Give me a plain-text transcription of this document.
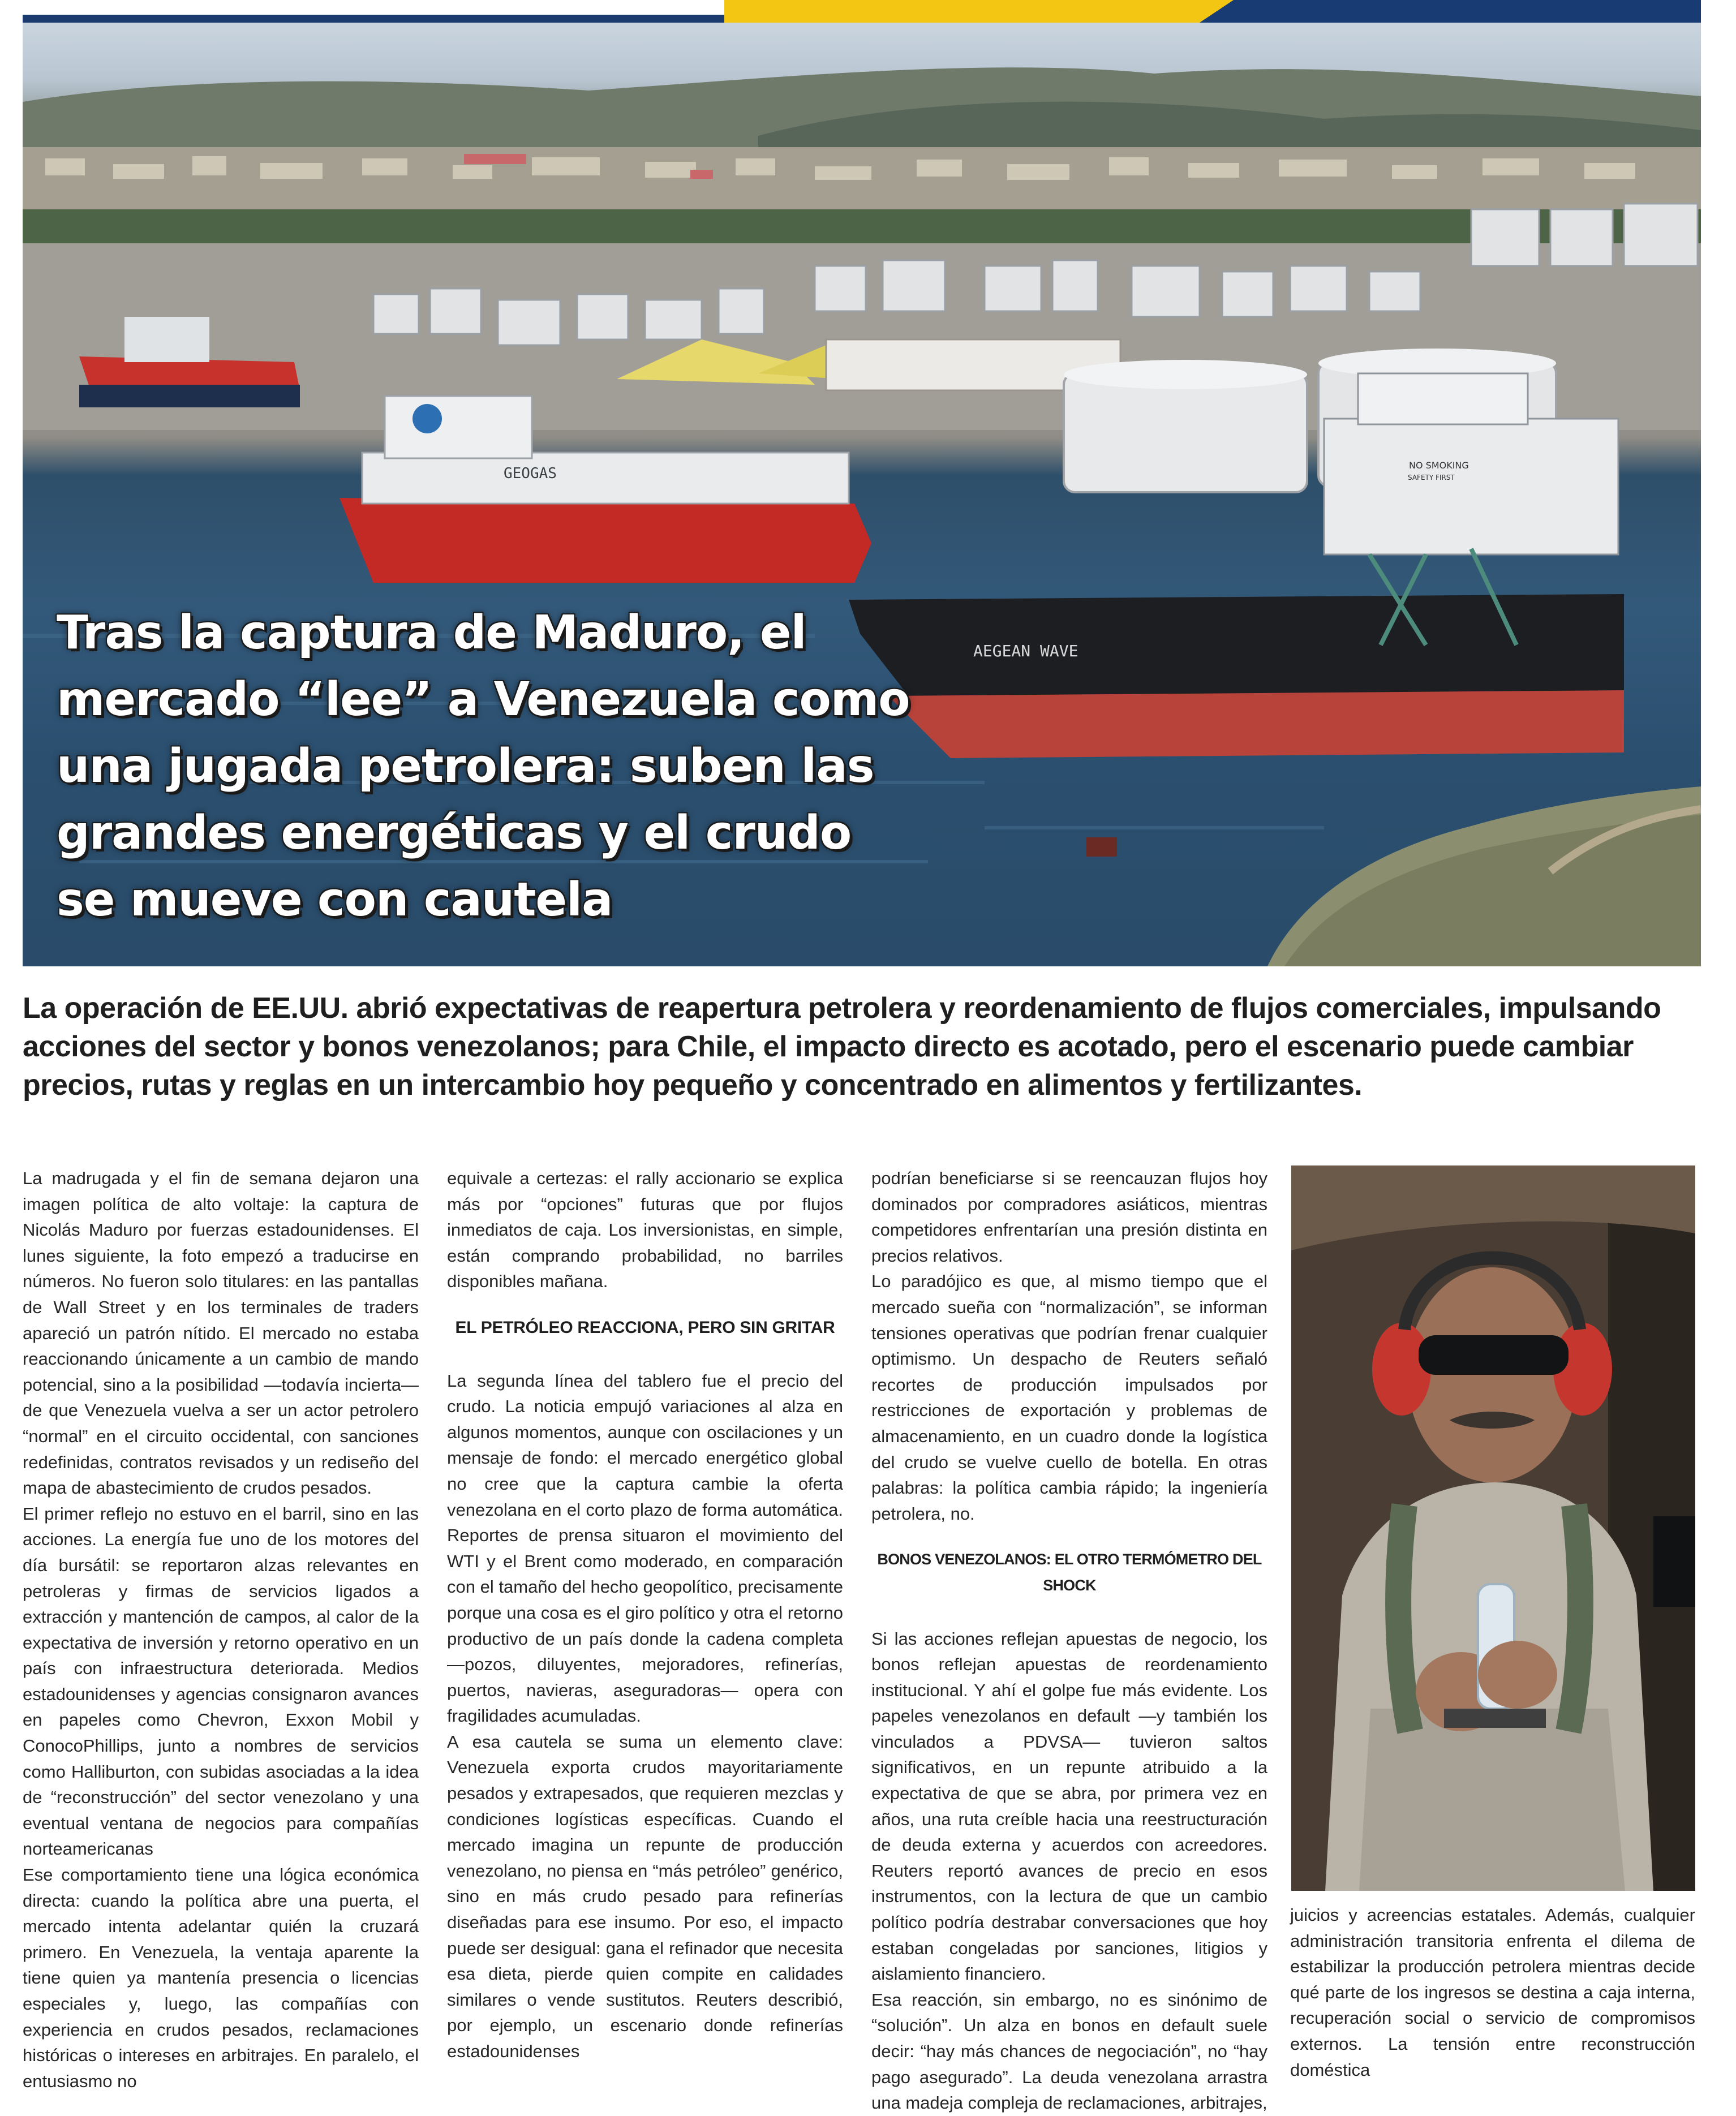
GEOGAS
AEGEAN WAVE
NO SMOKING
SAFETY FIRST
Tras la captura de Maduro, el mercado “lee” a Venezuela como una jugada petrolera: suben las grandes energéticas y el crudo se mueve con cautela

La operación de EE.UU. abrió expectativas de reapertura petrolera y reordenamiento de flujos comerciales, impulsando acciones del sector y bonos venezolanos; para Chile, el impacto directo es acotado, pero el escenario puede cambiar precios, rutas y reglas en un intercambio hoy pequeño y concentrado en alimentos y fertilizantes.

La madrugada y el fin de semana dejaron una imagen política de alto voltaje: la captura de Nicolás Maduro por fuerzas estadounidenses. El lunes siguiente, la foto empezó a traducirse en números. No fueron solo titulares: en las pantallas de Wall Street y en los terminales de traders apareció un patrón nítido. El mercado no estaba reaccionando únicamente a un cambio de mando potencial, sino a la posibilidad —todavía incierta— de que Venezuela vuelva a ser un actor petrolero “normal” en el circuito occidental, con sanciones redefinidas, contratos revisados y un rediseño del mapa de abastecimiento de crudos pesados.

El primer reflejo no estuvo en el barril, sino en las acciones. La energía fue uno de los motores del día bursátil: se reportaron alzas relevantes en petroleras y firmas de servicios ligados a extracción y mantención de campos, al calor de la expectativa de inversión y retorno operativo en un país con infraestructura deteriorada. Medios estadounidenses y agencias consignaron avances en papeles como Chevron, Exxon Mobil y ConocoPhillips, junto a nombres de servicios como Halliburton, con subidas asociadas a la idea de “reconstrucción” del sector venezolano y una eventual ventana de negocios para compañías norteamericanas

Ese comportamiento tiene una lógica económica directa: cuando la política abre una puerta, el mercado intenta adelantar quién la cruzará primero. En Venezuela, la ventaja aparente la tiene quien ya mantenía presencia o licencias especiales y, luego, las compañías con experiencia en crudos pesados, reclamaciones históricas o intereses en arbitrajes. En paralelo, el entusiasmo no

equivale a certezas: el rally accionario se explica más por “opciones” futuras que por flujos inmediatos de caja. Los inversionistas, en simple, están comprando probabilidad, no barriles disponibles mañana.

EL PETRÓLEO REACCIONA, PERO SIN GRITAR

La segunda línea del tablero fue el precio del crudo. La noticia empujó variaciones al alza en algunos momentos, aunque con oscilaciones y un mensaje de fondo: el mercado energético global no cree que la captura cambie la oferta venezolana en el corto plazo de forma automática. Reportes de prensa situaron el movimiento del WTI y el Brent como moderado, en comparación con el tamaño del hecho geopolítico, precisamente porque una cosa es el giro político y otra el retorno productivo de un país donde la cadena completa —pozos, diluyentes, mejoradores, refinerías, puertos, navieras, aseguradoras— opera con fragilidades acumuladas.

A esa cautela se suma un elemento clave: Venezuela exporta crudos mayoritariamente pesados y extrapesados, que requieren mezclas y condiciones logísticas específicas. Cuando el mercado imagina un repunte de producción venezolano, no piensa en “más petróleo” genérico, sino en más crudo pesado para refinerías diseñadas para ese insumo. Por eso, el impacto puede ser desigual: gana el refinador que necesita esa dieta, pierde quien compite en calidades similares o vende sustitutos. Reuters describió, por ejemplo, un escenario donde refinerías estadounidenses

podrían beneficiarse si se reencauzan flujos hoy dominados por compradores asiáticos, mientras competidores enfrentarían una presión distinta en precios relativos.

Lo paradójico es que, al mismo tiempo que el mercado sueña con “normalización”, se informan tensiones operativas que podrían frenar cualquier optimismo. Un despacho de Reuters señaló recortes de producción impulsados por restricciones de exportación y problemas de almacenamiento, en un cuadro donde la logística del crudo se vuelve cuello de botella. En otras palabras: la política cambia rápido; la ingeniería petrolera, no.

BONOS VENEZOLANOS: EL OTRO TERMÓMETRO DEL SHOCK

Si las acciones reflejan apuestas de negocio, los bonos reflejan apuestas de reordenamiento institucional. Y ahí el golpe fue más evidente. Los papeles venezolanos en default —y también los vinculados a PDVSA— tuvieron saltos significativos, en un repunte atribuido a la expectativa de que se abra, por primera vez en años, una ruta creíble hacia una reestructuración de deuda externa y acuerdos con acreedores. Reuters reportó avances de precio en esos instrumentos, con la lectura de que un cambio político podría destrabar conversaciones que hoy estaban congeladas por sanciones, litigios y aislamiento financiero.

Esa reacción, sin embargo, no es sinónimo de “solución”. Un alza en bonos en default suele decir: “hay más chances de negociación”, no “hay pago asegurado”. La deuda venezolana arrastra una madeja compleja de reclamaciones, arbitrajes,

juicios y acreencias estatales. Además, cualquier administración transitoria enfrenta el dilema de estabilizar la producción petrolera mientras decide qué parte de los ingresos se destina a caja interna, recuperación social o servicio de compromisos externos. La tensión entre reconstrucción doméstica
